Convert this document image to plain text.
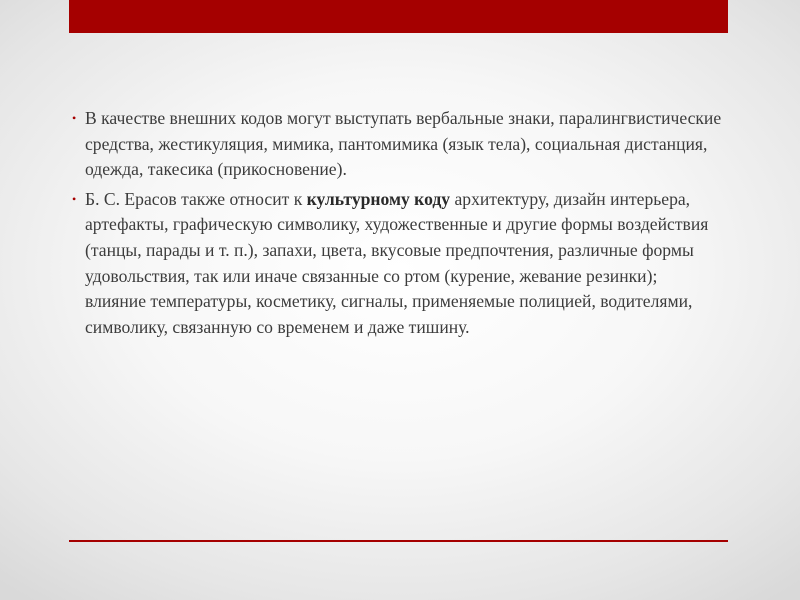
• В качестве внешних кодов могут выступать вербальные знаки, паралингвистические средства, жестикуляция, мимика, пантомимика (язык тела), социальная дистанция, одежда, такесика (прикосновение).
• Б. С. Ерасов также относит к культурному коду архитектуру, дизайн интерьера, артефакты, графическую символику, художественные и другие формы воздействия (танцы, парады и т. п.), запахи, цвета, вкусовые предпочтения, различные формы удовольствия, так или иначе связанные со ртом (курение, жевание резинки); влияние температуры, косметику, сигналы, применяемые полицией, водителями, символику, связанную со временем и даже тишину.
